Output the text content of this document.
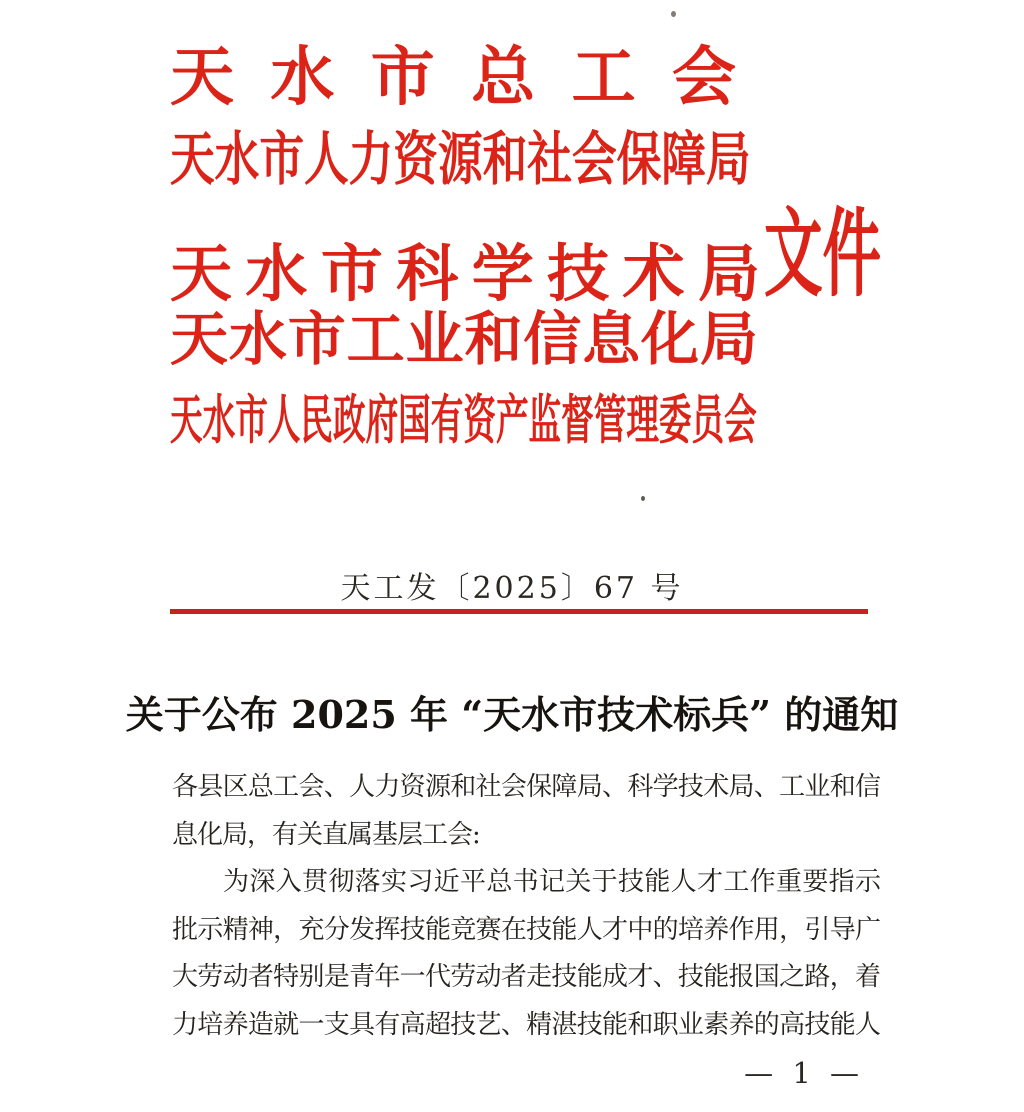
天 水 市 总 工 会
天水市人力资源和社会保障局
天 水 市 科 学 技 术 局 文件
天 水 市 工 业 和 信 息 化 局
天水市人民政府国有资产监督管理委员会
天工发〔2025〕67 号
关于公布 2025 年 “天水市技术标兵” 的通知

各县区总工会、人力资源和社会保障局、科学技术局、工业和信

息化局，有关直属基层工会:

为深入贯彻落实习近平总书记关于技能人才工作重要指示

批示精神，充分发挥技能竞赛在技能人才中的培养作用，引导广

大劳动者特别是青年一代劳动者走技能成才、技能报国之路，着

力培养造就一支具有高超技艺、精湛技能和职业素养的高技能人

— 1 —
